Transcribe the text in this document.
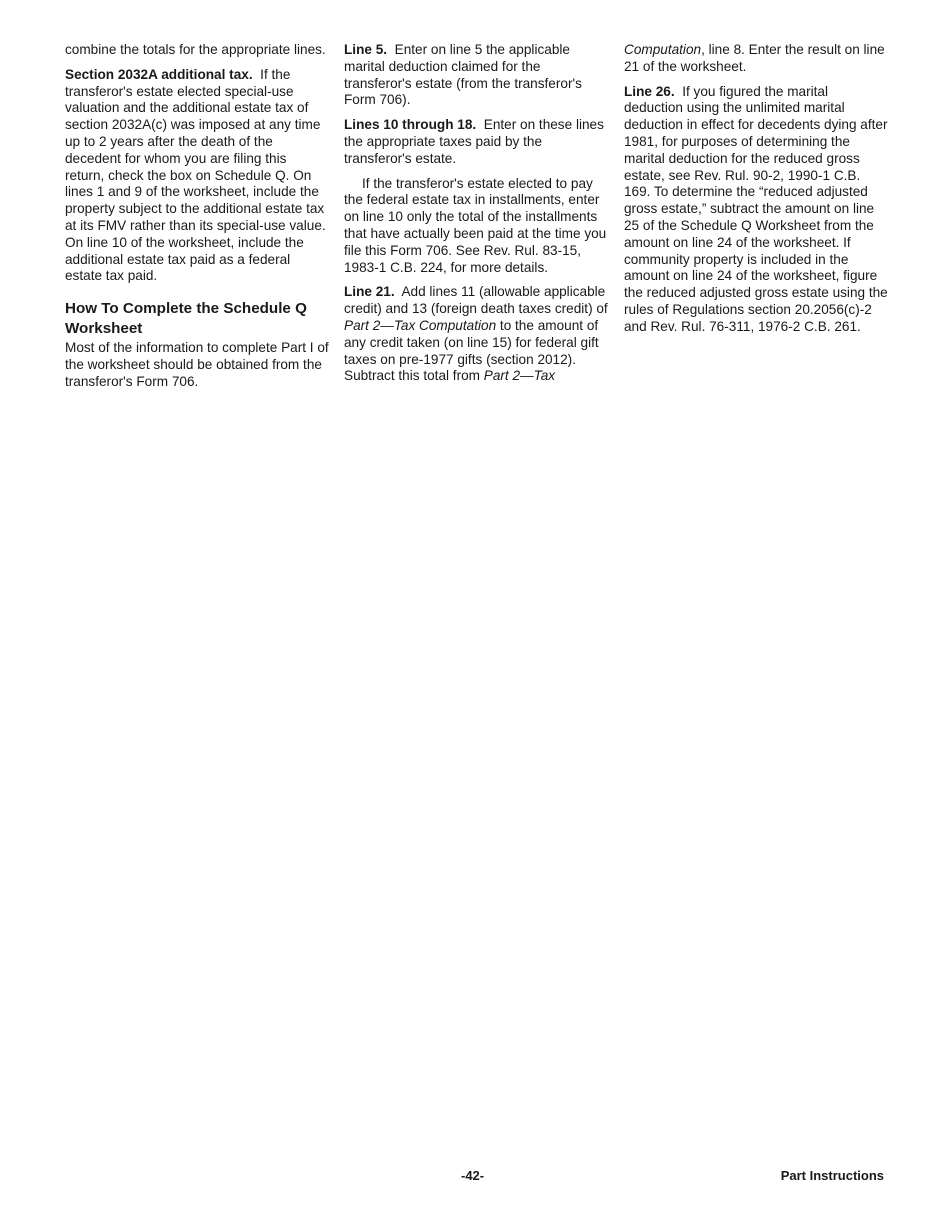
combine the totals for the appropriate lines.

Section 2032A additional tax. If the transferor's estate elected special-use valuation and the additional estate tax of section 2032A(c) was imposed at any time up to 2 years after the death of the decedent for whom you are filing this return, check the box on Schedule Q. On lines 1 and 9 of the worksheet, include the property subject to the additional estate tax at its FMV rather than its special-use value. On line 10 of the worksheet, include the additional estate tax paid as a federal estate tax paid.

How To Complete the Schedule Q Worksheet

Most of the information to complete Part I of the worksheet should be obtained from the transferor's Form 706.

Line 5. Enter on line 5 the applicable marital deduction claimed for the transferor's estate (from the transferor's Form 706).

Lines 10 through 18. Enter on these lines the appropriate taxes paid by the transferor's estate.

If the transferor's estate elected to pay the federal estate tax in installments, enter on line 10 only the total of the installments that have actually been paid at the time you file this Form 706. See Rev. Rul. 83-15, 1983-1 C.B. 224, for more details.

Line 21. Add lines 11 (allowable applicable credit) and 13 (foreign death taxes credit) of Part 2—Tax Computation to the amount of any credit taken (on line 15) for federal gift taxes on pre-1977 gifts (section 2012). Subtract this total from Part 2—Tax

Computation, line 8. Enter the result on line 21 of the worksheet.

Line 26. If you figured the marital deduction using the unlimited marital deduction in effect for decedents dying after 1981, for purposes of determining the marital deduction for the reduced gross estate, see Rev. Rul. 90-2, 1990-1 C.B. 169. To determine the “reduced adjusted gross estate,” subtract the amount on line 25 of the Schedule Q Worksheet from the amount on line 24 of the worksheet. If community property is included in the amount on line 24 of the worksheet, figure the reduced adjusted gross estate using the rules of Regulations section 20.2056(c)-2 and Rev. Rul. 76-311, 1976-2 C.B. 261.

-42-	Part Instructions
